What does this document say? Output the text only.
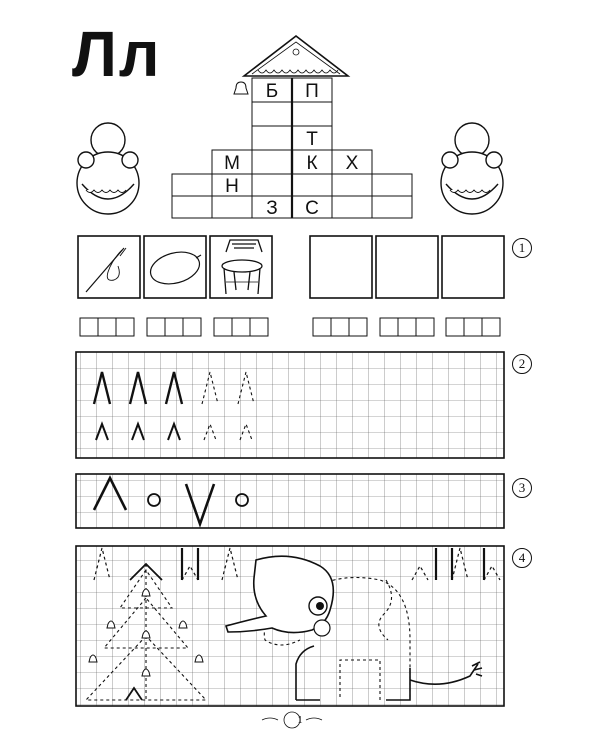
Лл
1
2
3
4
Б П
Т
М	К Х
Н
З С
1
